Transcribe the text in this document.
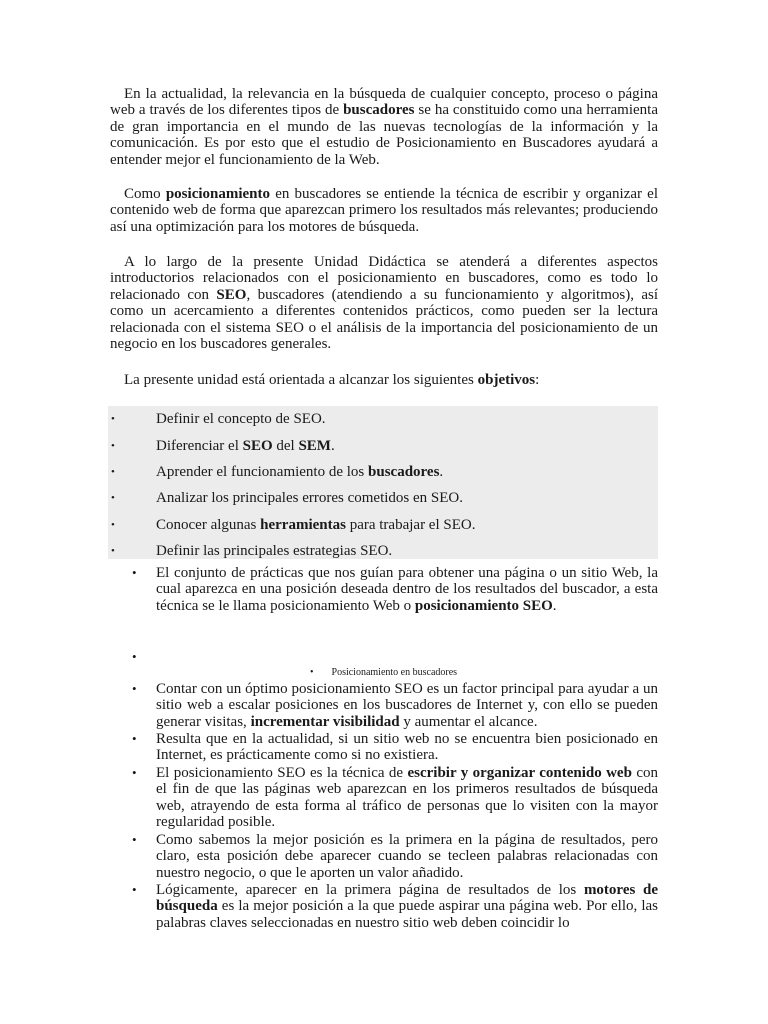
En la actualidad, la relevancia en la búsqueda de cualquier concepto, proceso o página web a través de los diferentes tipos de buscadores se ha constituido como una herramienta de gran importancia en el mundo de las nuevas tecnologías de la información y la comunicación. Es por esto que el estudio de Posicionamiento en Buscadores ayudará a entender mejor el funcionamiento de la Web.

Como posicionamiento en buscadores se entiende la técnica de escribir y organizar el contenido web de forma que aparezcan primero los resultados más relevantes; produciendo así una optimización para los motores de búsqueda.

A lo largo de la presente Unidad Didáctica se atenderá a diferentes aspectos introductorios relacionados con el posicionamiento en buscadores, como es todo lo relacionado con SEO, buscadores (atendiendo a su funcionamiento y algoritmos), así como un acercamiento a diferentes contenidos prácticos, como pueden ser la lectura relacionada con el sistema SEO o el análisis de la importancia del posicionamiento de un negocio en los buscadores generales.

La presente unidad está orientada a alcanzar los siguientes objetivos:

•	Definir el concepto de SEO.
•	Diferenciar el SEO del SEM.
•	Aprender el funcionamiento de los buscadores.
•	Analizar los principales errores cometidos en SEO.
•	Conocer algunas herramientas para trabajar el SEO.
•	Definir las principales estrategias SEO.
• El conjunto de prácticas que nos guían para obtener una página o un sitio Web, la cual aparezca en una posición deseada dentro de los resultados del buscador, a esta técnica se le llama posicionamiento Web o posicionamiento SEO.

•

• Posicionamiento en buscadores
• Contar con un óptimo posicionamiento SEO es un factor principal para ayudar a un sitio web a escalar posiciones en los buscadores de Internet y, con ello se pueden generar visitas, incrementar visibilidad y aumentar el alcance.

• Resulta que en la actualidad, si un sitio web no se encuentra bien posicionado en Internet, es prácticamente como si no existiera.

• El posicionamiento SEO es la técnica de escribir y organizar contenido web con el fin de que las páginas web aparezcan en los primeros resultados de búsqueda web, atrayendo de esta forma al tráfico de personas que lo visiten con la mayor regularidad posible.

• Como sabemos la mejor posición es la primera en la página de resultados, pero claro, esta posición debe aparecer cuando se tecleen palabras relacionadas con nuestro negocio, o que le aporten un valor añadido.

• Lógicamente, aparecer en la primera página de resultados de los motores de búsqueda es la mejor posición a la que puede aspirar una página web. Por ello, las palabras claves seleccionadas en nuestro sitio web deben coincidir lo
